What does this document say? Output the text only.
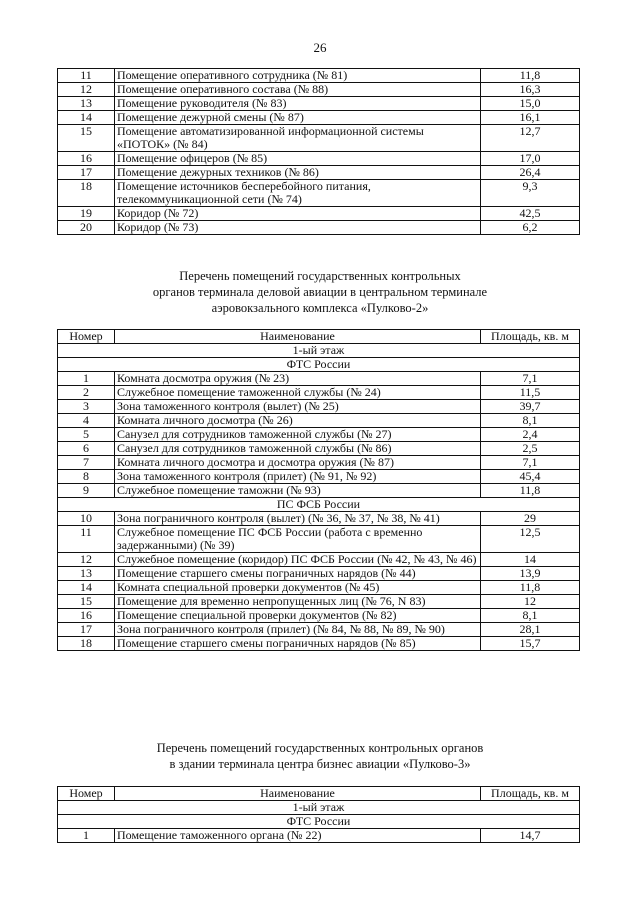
26
11	Помещение оперативного сотрудника (№ 81)	11,8
12	Помещение оперативного состава (№ 88)	16,3
13	Помещение руководителя (№ 83)	15,0
14	Помещение дежурной смены (№ 87)	16,1
15	Помещение автоматизированной информационной системы «ПОТОК» (№ 84)	12,7
16	Помещение офицеров (№ 85)	17,0
17	Помещение дежурных техников (№ 86)	26,4
18	Помещение источников бесперебойного питания, телекоммуникационной сети (№ 74)	9,3
19	Коридор (№ 72)	42,5
20	Коридор (№ 73)	6,2
Перечень помещений государственных контрольных
органов терминала деловой авиации в центральном терминале
аэровокзального комплекса «Пулково-2»
Номер	Наименование	Площадь, кв. м
1-ый этаж		
ФТС России		
1	Комната досмотра оружия (№ 23)	7,1
2	Служебное помещение таможенной службы (№ 24)	11,5
3	Зона таможенного контроля (вылет) (№ 25)	39,7
4	Комната личного досмотра (№ 26)	8,1
5	Санузел для сотрудников таможенной службы (№ 27)	2,4
6	Санузел для сотрудников таможенной службы (№ 86)	2,5
7	Комната личного досмотра и досмотра оружия (№ 87)	7,1
8	Зона таможенного контроля (прилет) (№ 91, № 92)	45,4
9	Служебное помещение таможни (№ 93)	11,8
ПС ФСБ России		
10	Зона пограничного контроля (вылет) (№ 36, № 37, № 38, № 41)	29
11	Служебное помещение ПС ФСБ России (работа с временно задержанными) (№ 39)	12,5
12	Служебное помещение (коридор) ПС ФСБ России (№ 42, № 43, № 46)	14
13	Помещение старшего смены пограничных нарядов (№ 44)	13,9
14	Комната специальной проверки документов (№ 45)	11,8
15	Помещение для временно непропущенных лиц (№ 76, N 83)	12
16	Помещение специальной проверки документов (№ 82)	8,1
17	Зона пограничного контроля (прилет) (№ 84, № 88, № 89, № 90)	28,1
18	Помещение старшего смены пограничных нарядов (№ 85)	15,7
Перечень помещений государственных контрольных органов
в здании терминала центра бизнес авиации «Пулково-3»
Номер	Наименование	Площадь, кв. м
1-ый этаж		
ФТС России		
1	Помещение таможенного органа (№ 22)	14,7
